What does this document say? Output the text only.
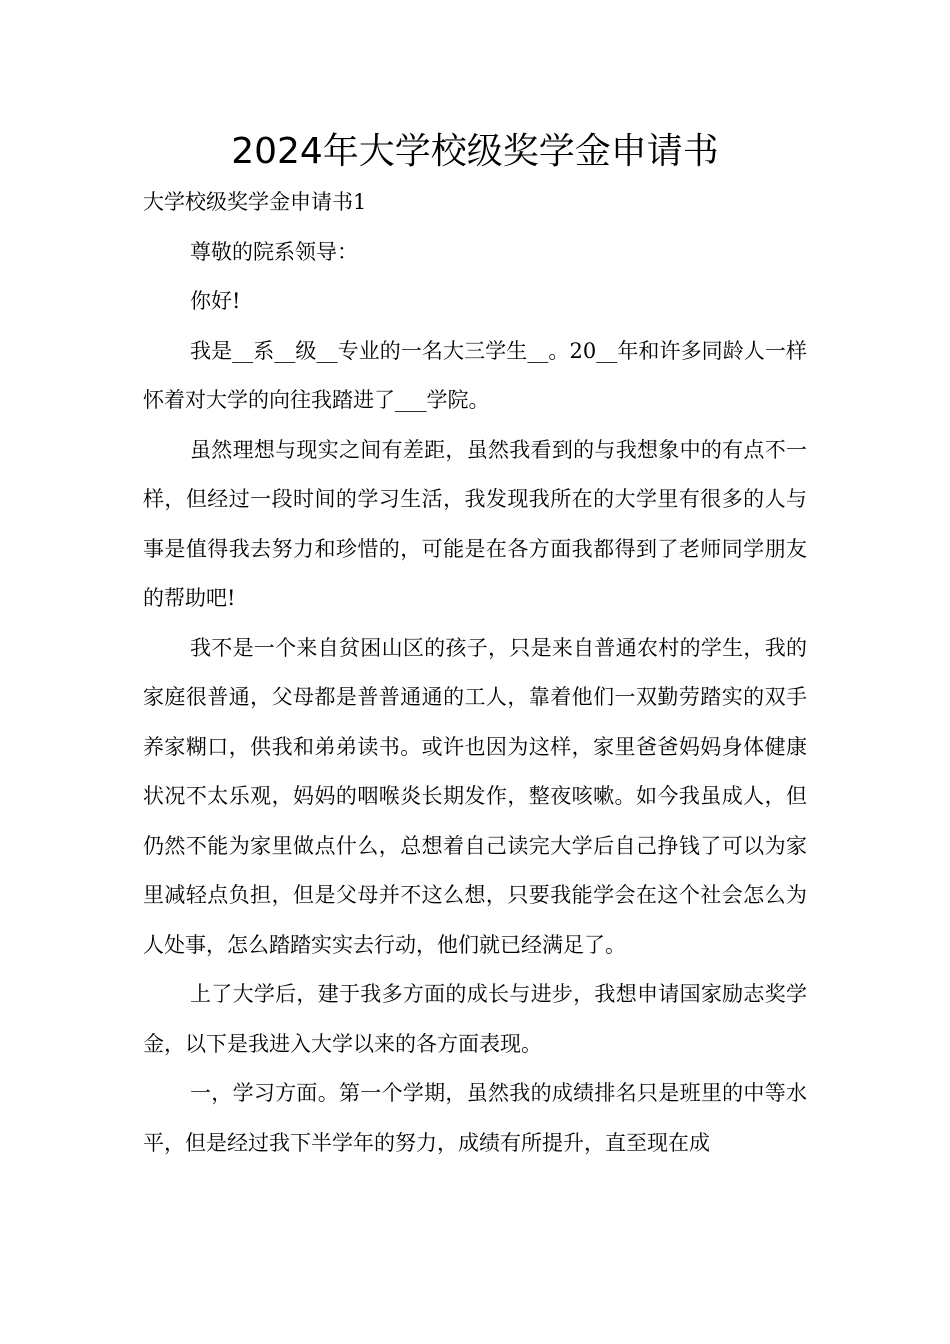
2024年大学校级奖学金申请书

大学校级奖学金申请书1

尊敬的院系领导：

你好!

我是__系__级__专业的一名大三学生__。20__年和许多同龄人一样怀着对大学的向往我踏进了___学院。

虽然理想与现实之间有差距，虽然我看到的与我想象中的有点不一样，但经过一段时间的学习生活，我发现我所在的大学里有很多的人与事是值得我去努力和珍惜的，可能是在各方面我都得到了老师同学朋友的帮助吧!

我不是一个来自贫困山区的孩子，只是来自普通农村的学生，我的家庭很普通，父母都是普普通通的工人，靠着他们一双勤劳踏实的双手养家糊口，供我和弟弟读书。或许也因为这样，家里爸爸妈妈身体健康状况不太乐观，妈妈的咽喉炎长期发作，整夜咳嗽。如今我虽成人，但仍然不能为家里做点什么，总想着自己读完大学后自己挣钱了可以为家里减轻点负担，但是父母并不这么想，只要我能学会在这个社会怎么为人处事，怎么踏踏实实去行动，他们就已经满足了。

上了大学后，建于我多方面的成长与进步，我想申请国家励志奖学金，以下是我进入大学以来的各方面表现。

一，学习方面。第一个学期，虽然我的成绩排名只是班里的中等水平，但是经过我下半学年的努力，成绩有所提升，直至现在成
